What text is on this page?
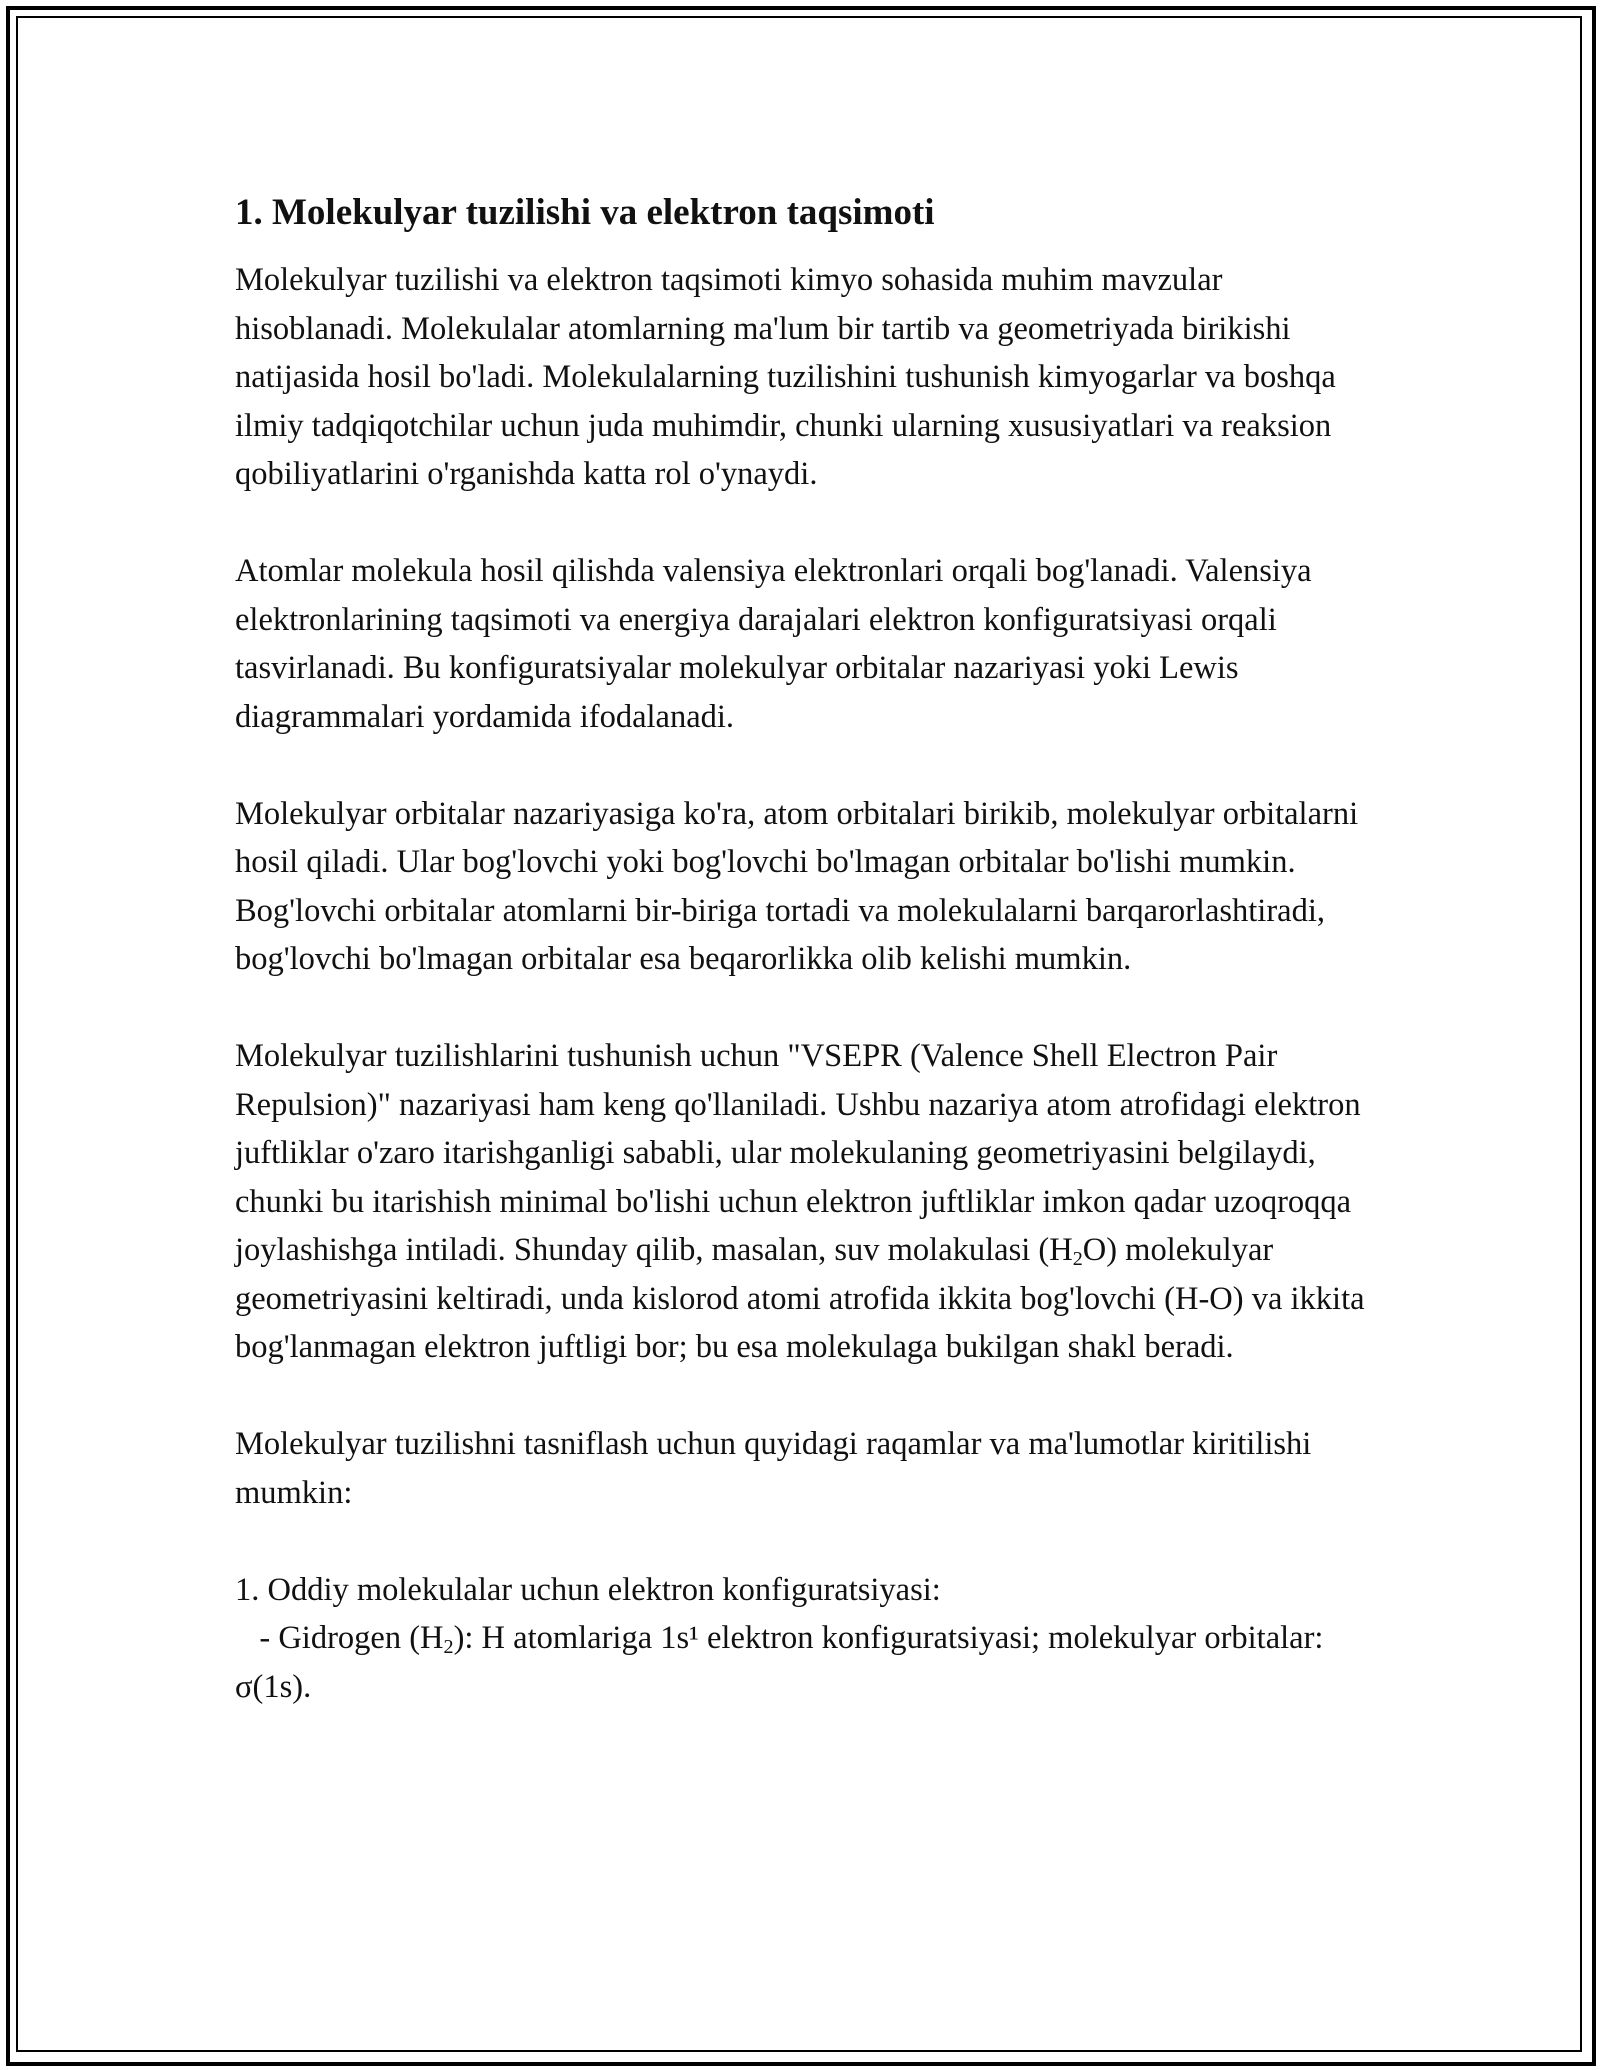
1. Molekulyar tuzilishi va elektron taqsimoti

Molekulyar tuzilishi va elektron taqsimoti kimyo sohasida muhim mavzular hisoblanadi. Molekulalar atomlarning ma'lum bir tartib va geometriyada birikishi natijasida hosil bo'ladi. Molekulalarning tuzilishini tushunish kimyogarlar va boshqa ilmiy tadqiqotchilar uchun juda muhimdir, chunki ularning xususiyatlari va reaksion qobiliyatlarini o'rganishda katta rol o'ynaydi.

Atomlar molekula hosil qilishda valensiya elektronlari orqali bog'lanadi. Valensiya elektronlarining taqsimoti va energiya darajalari elektron konfiguratsiyasi orqali tasvirlanadi. Bu konfiguratsiyalar molekulyar orbitalar nazariyasi yoki Lewis diagrammalari yordamida ifodalanadi.

Molekulyar orbitalar nazariyasiga ko'ra, atom orbitalari birikib, molekulyar orbitalarni hosil qiladi. Ular bog'lovchi yoki bog'lovchi bo'lmagan orbitalar bo'lishi mumkin. Bog'lovchi orbitalar atomlarni bir-biriga tortadi va molekulalarni barqarorlashtiradi, bog'lovchi bo'lmagan orbitalar esa beqarorlikka olib kelishi mumkin.

Molekulyar tuzilishlarini tushunish uchun "VSEPR (Valence Shell Electron Pair Repulsion)" nazariyasi ham keng qo'llaniladi. Ushbu nazariya atom atrofidagi elektron juftliklar o'zaro itarishganligi sababli, ular molekulaning geometriyasini belgilaydi, chunki bu itarishish minimal bo'lishi uchun elektron juftliklar imkon qadar uzoqroqqa joylashishga intiladi. Shunday qilib, masalan, suv molakulasi $(H_2O)$ molekulyar geometriyasini keltiradi, unda kislorod atomi atrofida ikkita bog'lovchi (H-O) va ikkita bog'lanmagan elektron juftligi bor; bu esa molekulaga bukilgan shakl beradi.

Molekulyar tuzilishni tasniflash uchun quyidagi raqamlar va ma'lumotlar kiritilishi mumkin:

1. Oddiy molekulalar uchun elektron konfiguratsiyasi:
- Gidrogen $(H_2)$: H atomlariga 1s¹ elektron konfiguratsiyasi; molekulyar orbitalar: σ(1s).
